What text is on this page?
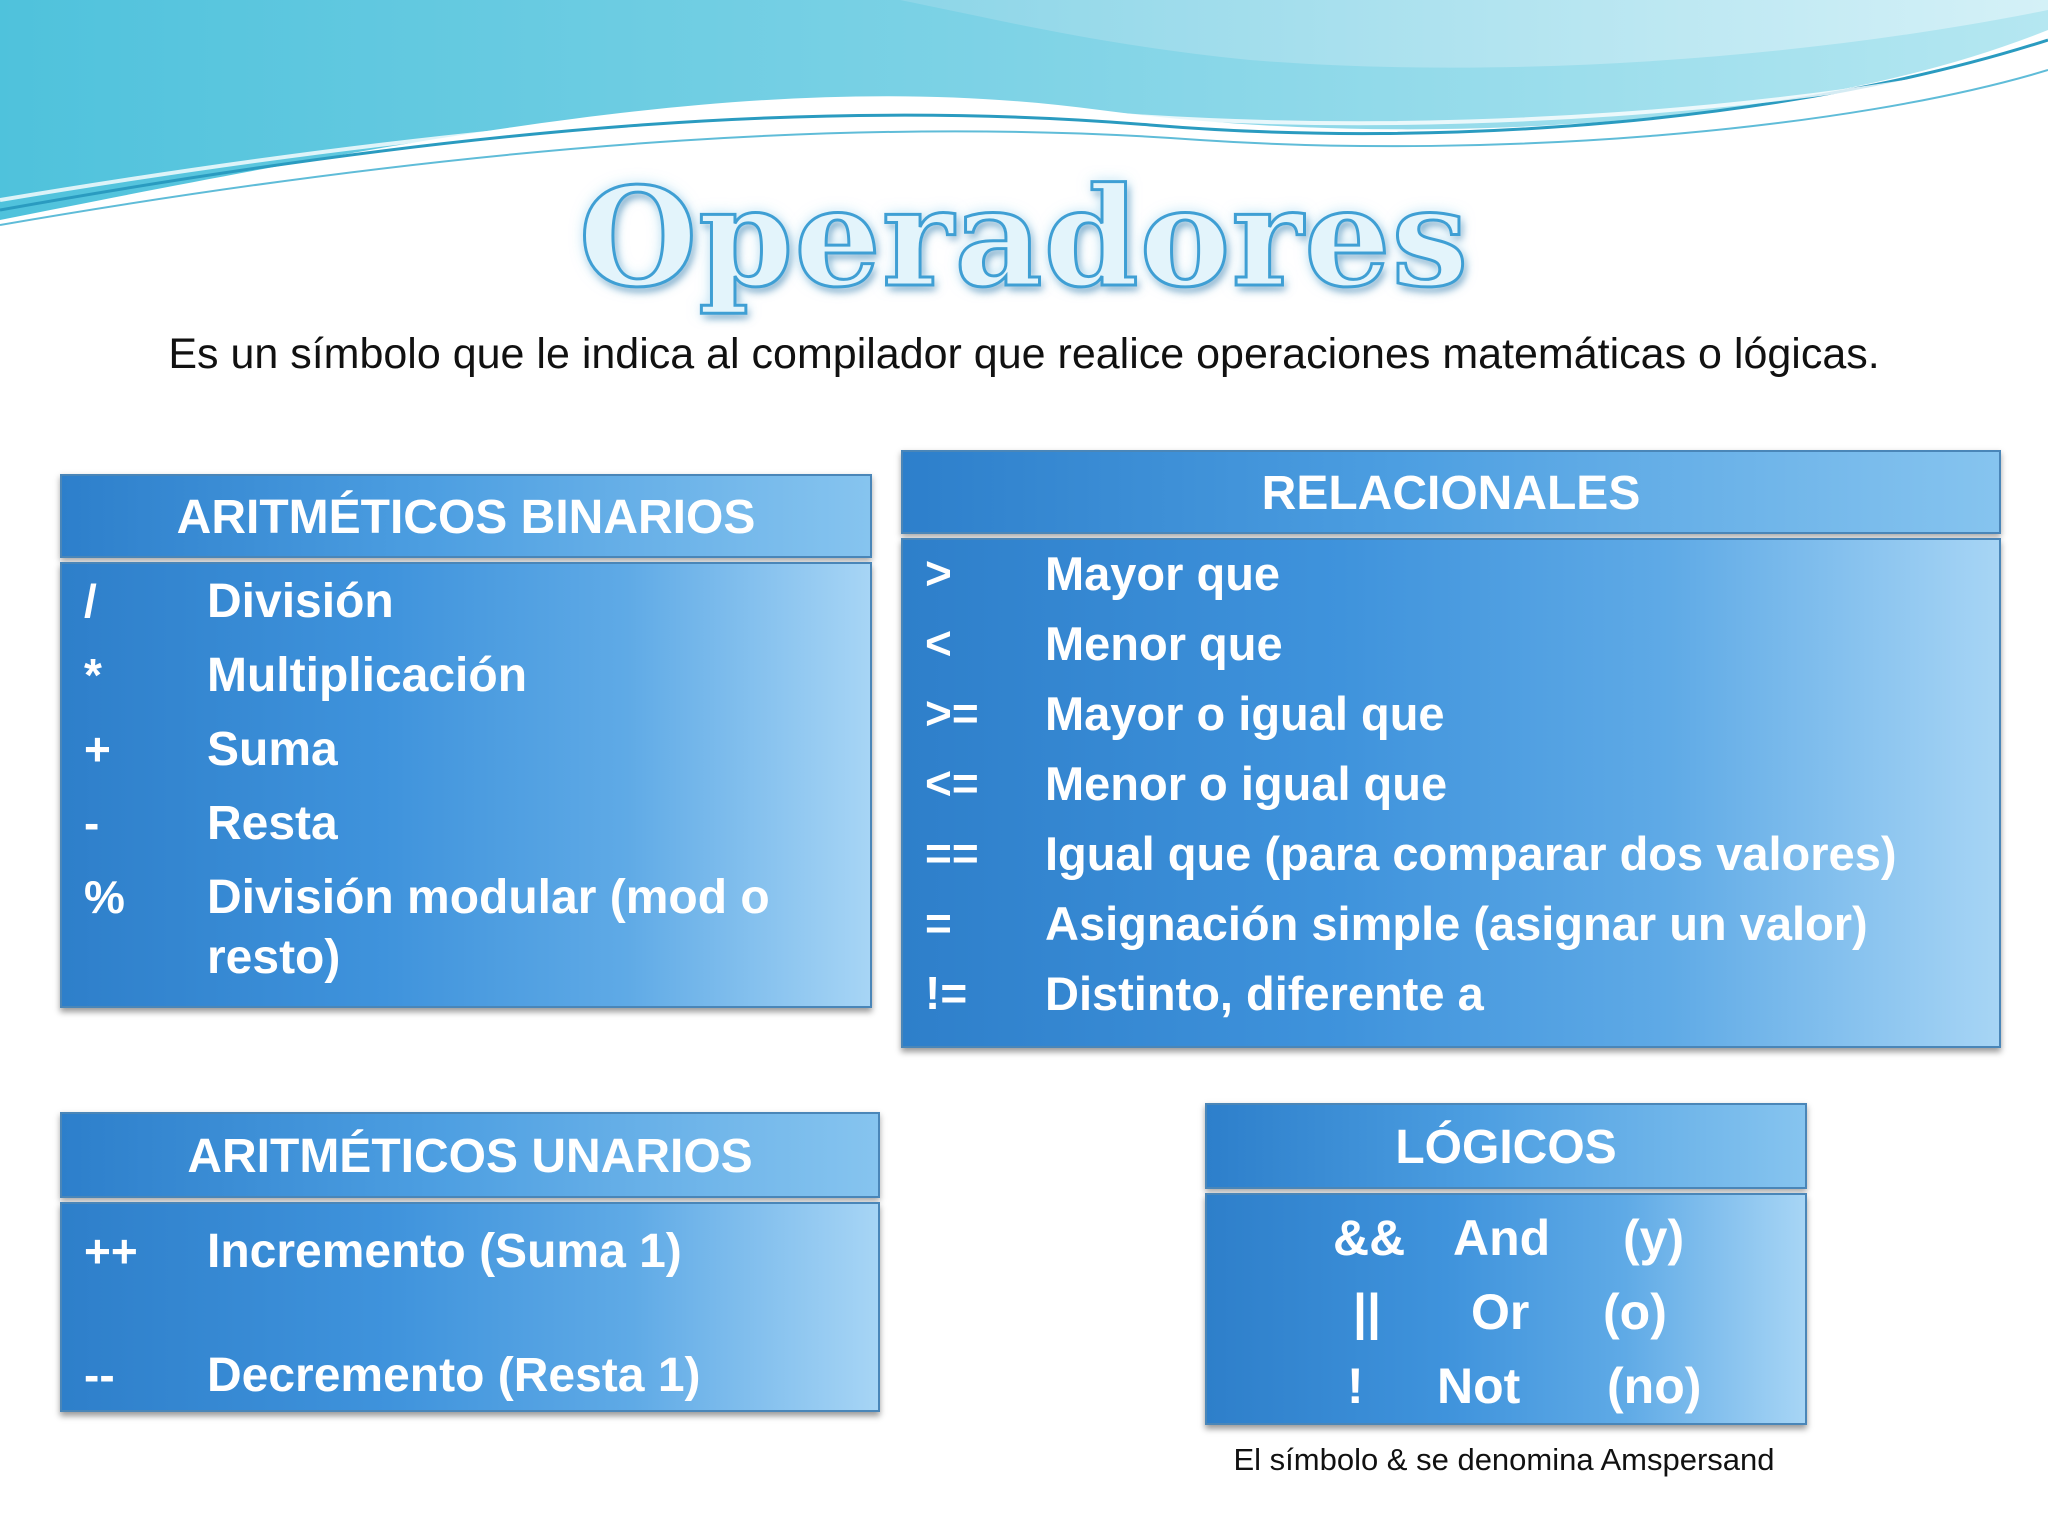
Operadores
Es un símbolo que le indica al compilador que realice operaciones matemáticas o lógicas.
ARITMÉTICOS BINARIOS
/ División
* Multiplicación
+ Suma
- Resta
% División modular (mod o
resto)
RELACIONALES
> Mayor que
< Menor que
>= Mayor o igual que
<= Menor o igual que
== Igual que (para comparar dos valores)
= Asignación simple (asignar un valor)
!= Distinto, diferente a
ARITMÉTICOS UNARIOS
++ Incremento (Suma 1)
-- Decremento (Resta 1)
LÓGICOS
&& And (y)
|| Or (o)
! Not (no)
El símbolo & se denomina Amspersand
